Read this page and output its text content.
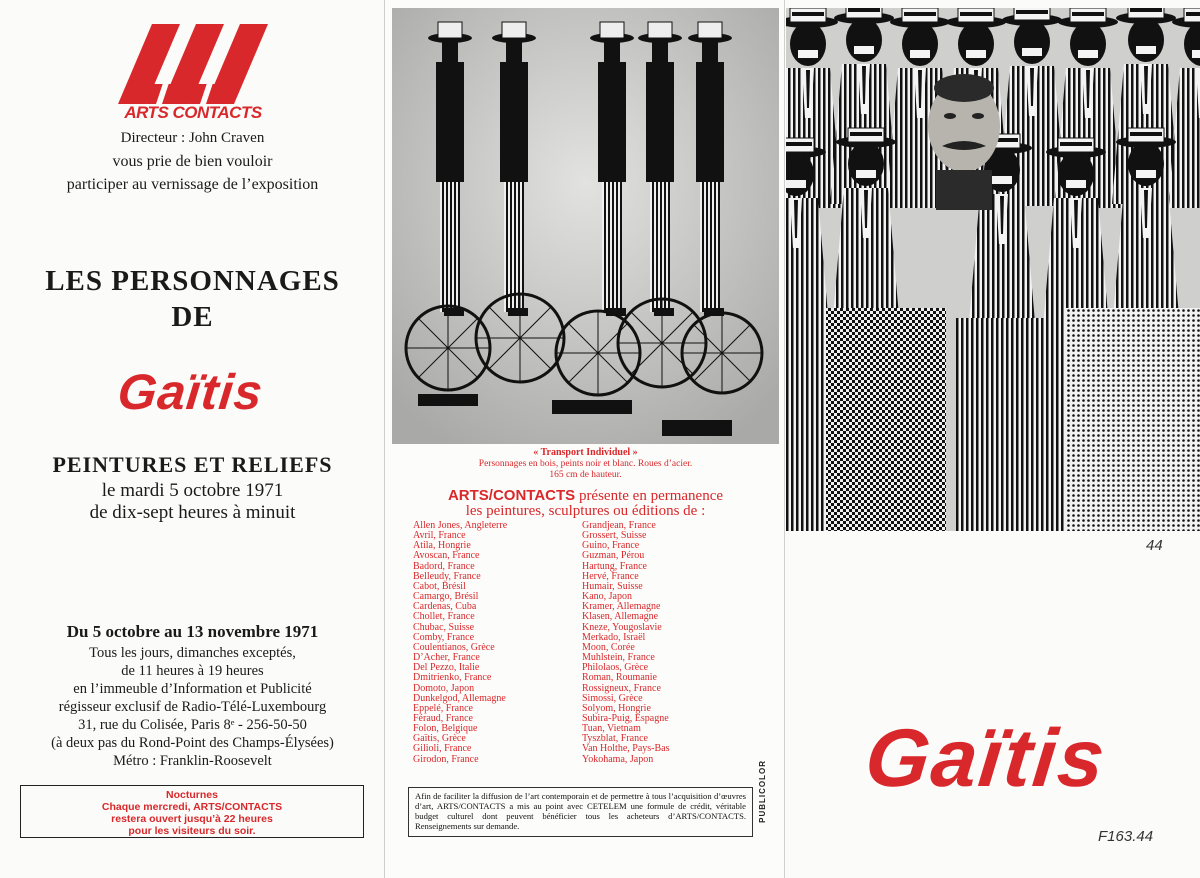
ARTS CONTACTS
Directeur : John Craven
vous prie de bien vouloir
participer au vernissage de l’exposition
LES PERSONNAGES
DE
Gaïtis
PEINTURES ET RELIEFS
le mardi 5 octobre 1971
de dix-sept heures à minuit
Du 5 octobre au 13 novembre 1971
Tous les jours, dimanches exceptés,
de 11 heures à 19 heures
en l’immeuble d’Information et Publicité
régisseur exclusif de Radio-Télé-Luxembourg
31, rue du Colisée, Paris 8ᵉ - 256-50-50
(à deux pas du Rond-Point des Champs-Élysées)
Métro : Franklin-Roosevelt
Nocturnes
Chaque mercredi, ARTS/CONTACTS
restera ouvert jusqu’à 22 heures
pour les visiteurs du soir.
« Transport Individuel »
Personnages en bois, peints noir et blanc. Roues d’acier.
165 cm de hauteur.
ARTS/CONTACTS présente en permanence
les peintures, sculptures ou éditions de :
Allen Jones, Angleterre
Avril, France
Atila, Hongrie
Avoscan, France
Badord, France
Belleudy, France
Cabot, Brésil
Camargo, Brésil
Cardenas, Cuba
Chollet, France
Chubac, Suisse
Comby, France
Coulentianos, Grèce
D’Acher, France
Del Pezzo, Italie
Dmitrienko, France
Domoto, Japon
Dunkelgod, Allemagne
Eppelé, France
Féraud, France
Folon, Belgique
Gaïtis, Grèce
Gilioli, France
Girodon, France
Grandjean, France
Grossert, Suisse
Guino, France
Guzman, Pérou
Hartung, France
Hervé, France
Humair, Suisse
Kano, Japon
Kramer, Allemagne
Klasen, Allemagne
Kneze, Yougoslavie
Merkado, Israël
Moon, Corée
Muhlstein, France
Philolaos, Grèce
Roman, Roumanie
Rossigneux, France
Simossi, Grèce
Solyom, Hongrie
Subira-Puig, Espagne
Tuan, Vietnam
Tyszblat, France
Van Holthe, Pays-Bas
Yokohama, Japon
PUBLICOLOR
Afin de faciliter la diffusion de l’art contemporain et de permettre à tous l’acquisition d’œuvres d’art, ARTS/CONTACTS a mis au point avec CETELEM une formule de crédit, véritable budget culturel dont peuvent bénéficier tous les acheteurs d’ARTS/CONTACTS. Renseignements sur demande.
44
Gaïtis
F163.44
